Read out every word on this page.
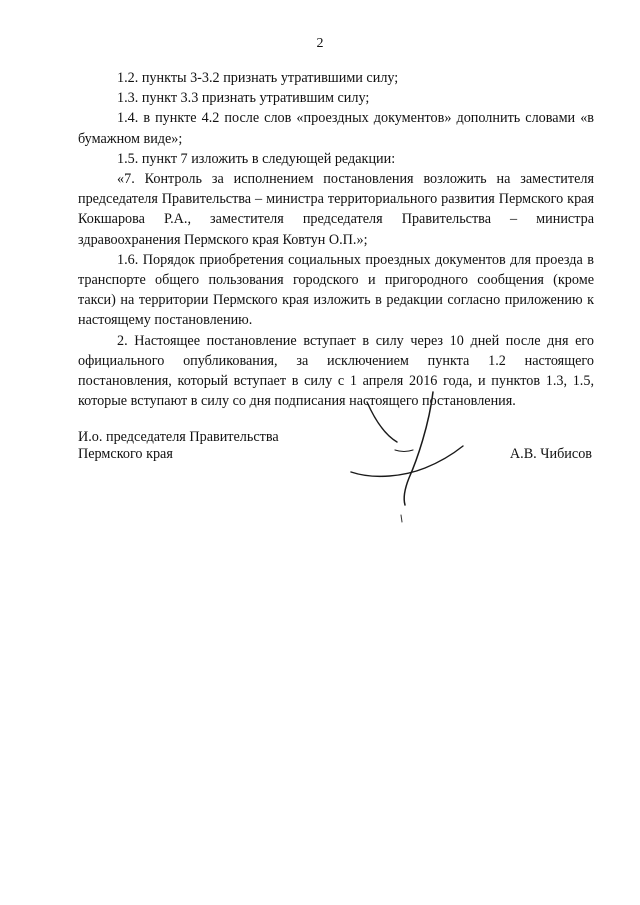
2

1.2. пункты 3-3.2 признать утратившими силу;

1.3. пункт 3.3 признать утратившим силу;

1.4. в пункте 4.2 после слов «проездных документов» дополнить словами «в бумажном виде»;

1.5. пункт 7 изложить в следующей редакции:

«7. Контроль за исполнением постановления возложить на заместителя председателя Правительства – министра территориального развития Пермского края Кокшарова Р.А., заместителя председателя Правительства – министра здравоохранения Пермского края Ковтун О.П.»;

1.6. Порядок приобретения социальных проездных документов для проезда в транспорте общего пользования городского и пригородного сообщения (кроме такси) на территории Пермского края изложить в редакции согласно приложению к настоящему постановлению.

2. Настоящее постановление вступает в силу через 10 дней после дня его официального опубликования, за исключением пункта 1.2 настоящего постановления, который вступает в силу с 1 апреля 2016 года, и пунктов 1.3, 1.5, которые вступают в силу со дня подписания настоящего постановления.

И.о. председателя Правительства
Пермского края	А.В. Чибисов
